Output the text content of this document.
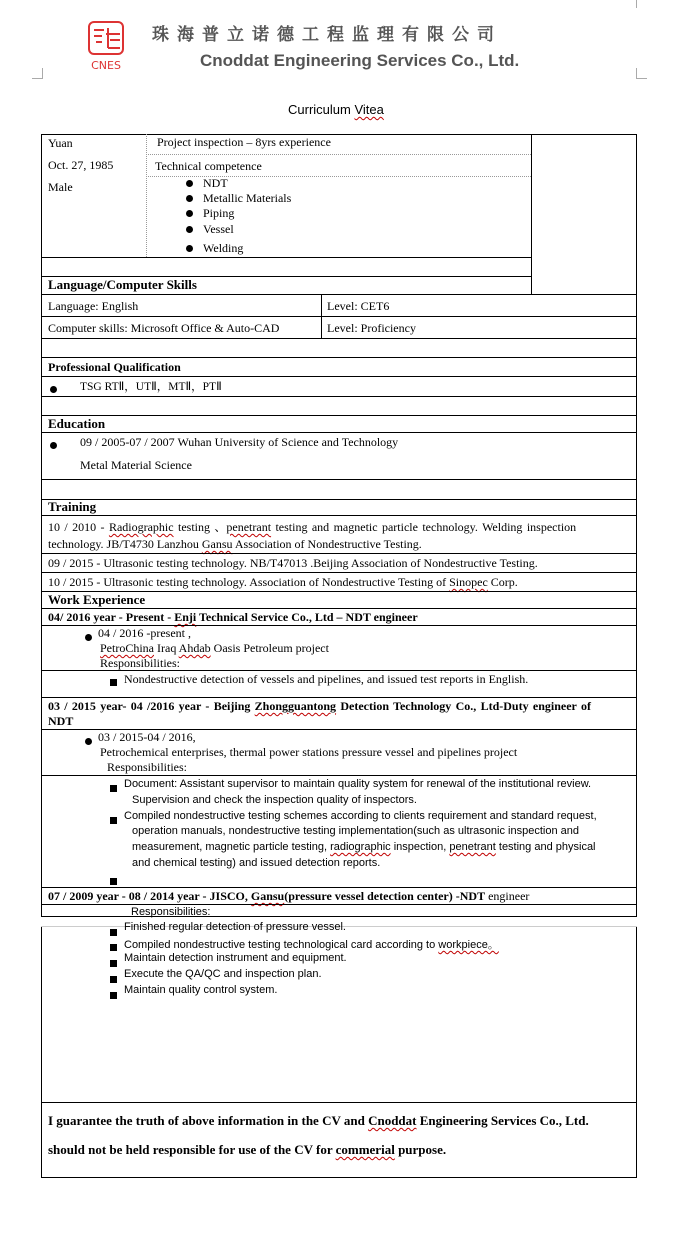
CNES
珠海普立诺德工程监理有限公司
Cnoddat Engineering Services Co., Ltd.
Curriculum Vitea
Yuan
Oct. 27, 1985
Male
Project inspection – 8yrs experience
Technical competence
NDT
Metallic Materials
Piping
Vessel
Welding
Language/Computer Skills
Language: English	Level: CET6
Computer skills: Microsoft Office & Auto-CAD	Level: Proficiency
Professional Qualification
TSG RTⅡ，UTⅡ，MTⅡ，PTⅡ
Education
09 / 2005-07 / 2007 Wuhan University of Science and Technology
Metal Material Science
Training
10 / 2010 - Radiographic testing 、penetrant testing and magnetic particle technology. Welding inspection
technology. JB/T4730 Lanzhou Gansu Association of Nondestructive Testing.
09 / 2015 - Ultrasonic testing technology. NB/T47013 .Beijing Association of Nondestructive Testing.
10 / 2015 - Ultrasonic testing technology. Association of Nondestructive Testing of Sinopec Corp.
Work Experience
04/ 2016 year - Present - Enji Technical Service Co., Ltd – NDT engineer
04 / 2016 -present ,
PetroChina Iraq Ahdab Oasis Petroleum project
Responsibilities:
Nondestructive detection of vessels and pipelines, and issued test reports in English.
03 / 2015 year- 04 /2016 year - Beijing Zhongguantong Detection Technology Co., Ltd-Duty engineer of
NDT
03 / 2015-04 / 2016,
Petrochemical enterprises, thermal power stations pressure vessel and pipelines project
Responsibilities:
Document: Assistant supervisor to maintain quality system for renewal of the institutional review.
Supervision and check the inspection quality of inspectors.
Compiled nondestructive testing schemes according to clients requirement and standard request,
operation manuals, nondestructive testing implementation(such as ultrasonic inspection and
measurement, magnetic particle testing, radiographic inspection, penetrant testing and physical
and chemical testing) and issued detection reports.
07 / 2009 year - 08 / 2014 year - JISCO, Gansu(pressure vessel detection center) -NDT engineer
Responsibilities:
Finished regular detection of pressure vessel.
Compiled nondestructive testing technological card according to workpiece。
Maintain detection instrument and equipment.
Execute the QA/QC and inspection plan.
Maintain quality control system.
I guarantee the truth of above information in the CV and Cnoddat Engineering Services Co., Ltd.
should not be held responsible for use of the CV for commerial purpose.
